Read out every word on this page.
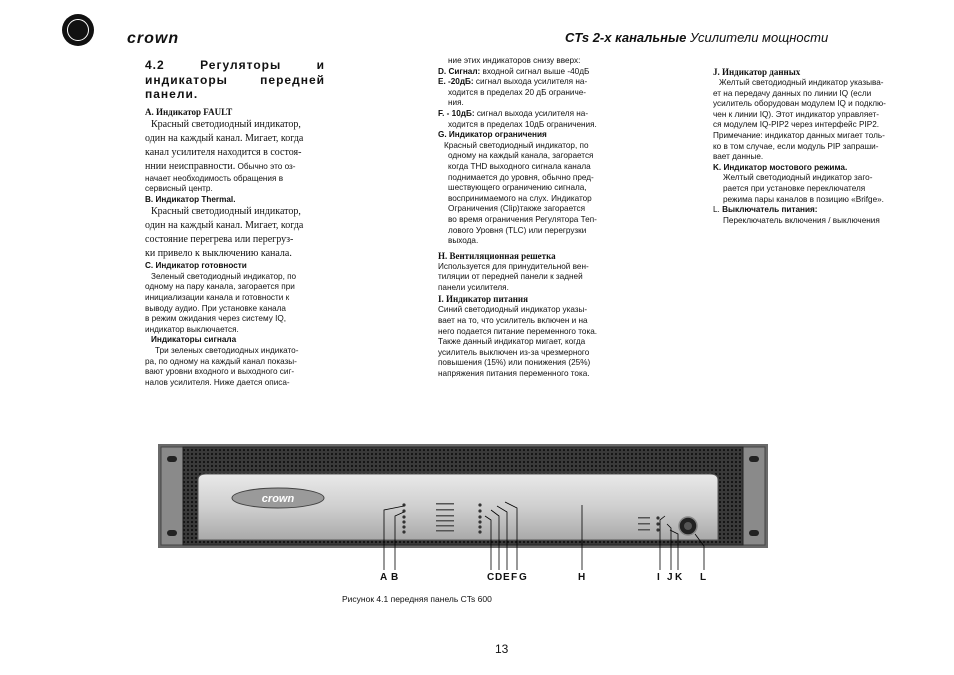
crown	CTs 2-х канальные Усилители мощности
4.2 Регуляторы и
индикаторы передней
панели.
A. Индикатор FAULT
Красный светодиодный индикатор,
один на каждый канал. Мигает, когда
канал усилителя находится в состоя-
ннии неисправности. Обычно это оз-
начает необходимость обращения в
сервисный центр.
B. Индикатор Thermal.
Красный светодиодный индикатор,
один на каждый канал. Мигает, когда
состояние перегрева или перегруз-
ки привело к выключению канала.
C. Индикатор готовности
Зеленый светодиодный индикатор, по
одному на пару канала, загорается при
инициализации канала и готовности к
выводу аудио. При установке канала
в режим ожидания через систему IQ,
индикатор выключается.
Индикаторы сигнала
Три зеленых светодиодных индикато-
ра, по одному на каждый канал показы-
вают уровни входного и выходного сиг-
налов усилителя. Ниже дается описа-
ние этих индикаторов снизу вверх:
D. Сигнал: входной сигнал выше -40дБ
E. -20дБ: сигнал выхода усилителя на-
ходится в пределах 20 дБ ограниче-
ния.
F. - 10дБ: сигнал выхода усилителя на-
ходится в пределах 10дБ ограничения.
G. Индикатор ограничения
Красный светодиодный индикатор, по
одному на каждый канала, загорается
когда THD выходного сигнала канала
поднимается до уровня, обычно пред-
шествующего ограничению сигнала,
воспринимаемого на слух. Индикатор
Ограничения (Clip)также загорается
во время ограничения Регулятора Теп-
лового Уровня (TLC) или перегрузки
выхода.
H. Вентиляционная решетка
Используется для принудительной вен-
тиляции от передней панели к задней
панели усилителя.
I. Индикатор питания
Синий светодиодный индикатор указы-
вает на то, что усилитель включен и на
него подается питание переменного тока.
Также данный индикатор мигает, когда
усилитель выключен из-за чрезмерного
повышения (15%) или понижения (25%)
напряжения питания переменного тока.
J. Индикатор данных
Желтый светодиодный индикатор указыва-
ет на передачу данных по линии IQ (если
усилитель оборудован модулем IQ и подклю-
чен к линии IQ). Этот индикатор управляет-
ся модулем IQ-PIP2 через интерфейс PIP2.
Примечание: индикатор данных мигает толь-
ко в том случае, если модуль PIP запраши-
вает данные.
K. Индикатор мостового режима.
Желтый светодиодный индикатор заго-
рается при установке переключателя
режима пары каналов в позицию «Brifge».
L. Выключатель питания:
Переключатель включения / выключения
crown
A B	C D E F G	H	I J K L
Рисунок 4.1 передняя панель CTs 600
13
